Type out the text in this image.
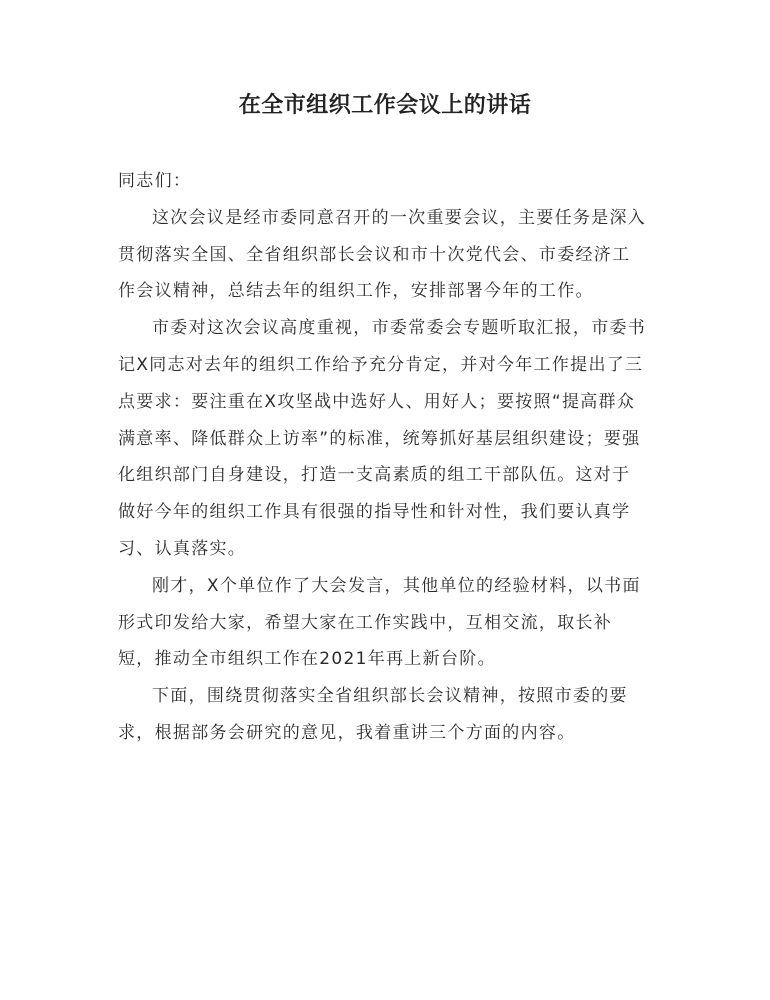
在全市组织工作会议上的讲话

同志们：

这次会议是经市委同意召开的一次重要会议，主要任务是深入贯彻落实全国、全省组织部长会议和市十次党代会、市委经济工作会议精神，总结去年的组织工作，安排部署今年的工作。

市委对这次会议高度重视，市委常委会专题听取汇报，市委书记X同志对去年的组织工作给予充分肯定，并对今年工作提出了三点要求：要注重在X攻坚战中选好人、用好人；要按照“提高群众满意率、降低群众上访率”的标准，统筹抓好基层组织建设；要强化组织部门自身建设，打造一支高素质的组工干部队伍。这对于做好今年的组织工作具有很强的指导性和针对性，我们要认真学习、认真落实。

刚才，X个单位作了大会发言，其他单位的经验材料，以书面形式印发给大家，希望大家在工作实践中，互相交流，取长补短，推动全市组织工作在2021年再上新台阶。

下面，围绕贯彻落实全省组织部长会议精神，按照市委的要求，根据部务会研究的意见，我着重讲三个方面的内容。
